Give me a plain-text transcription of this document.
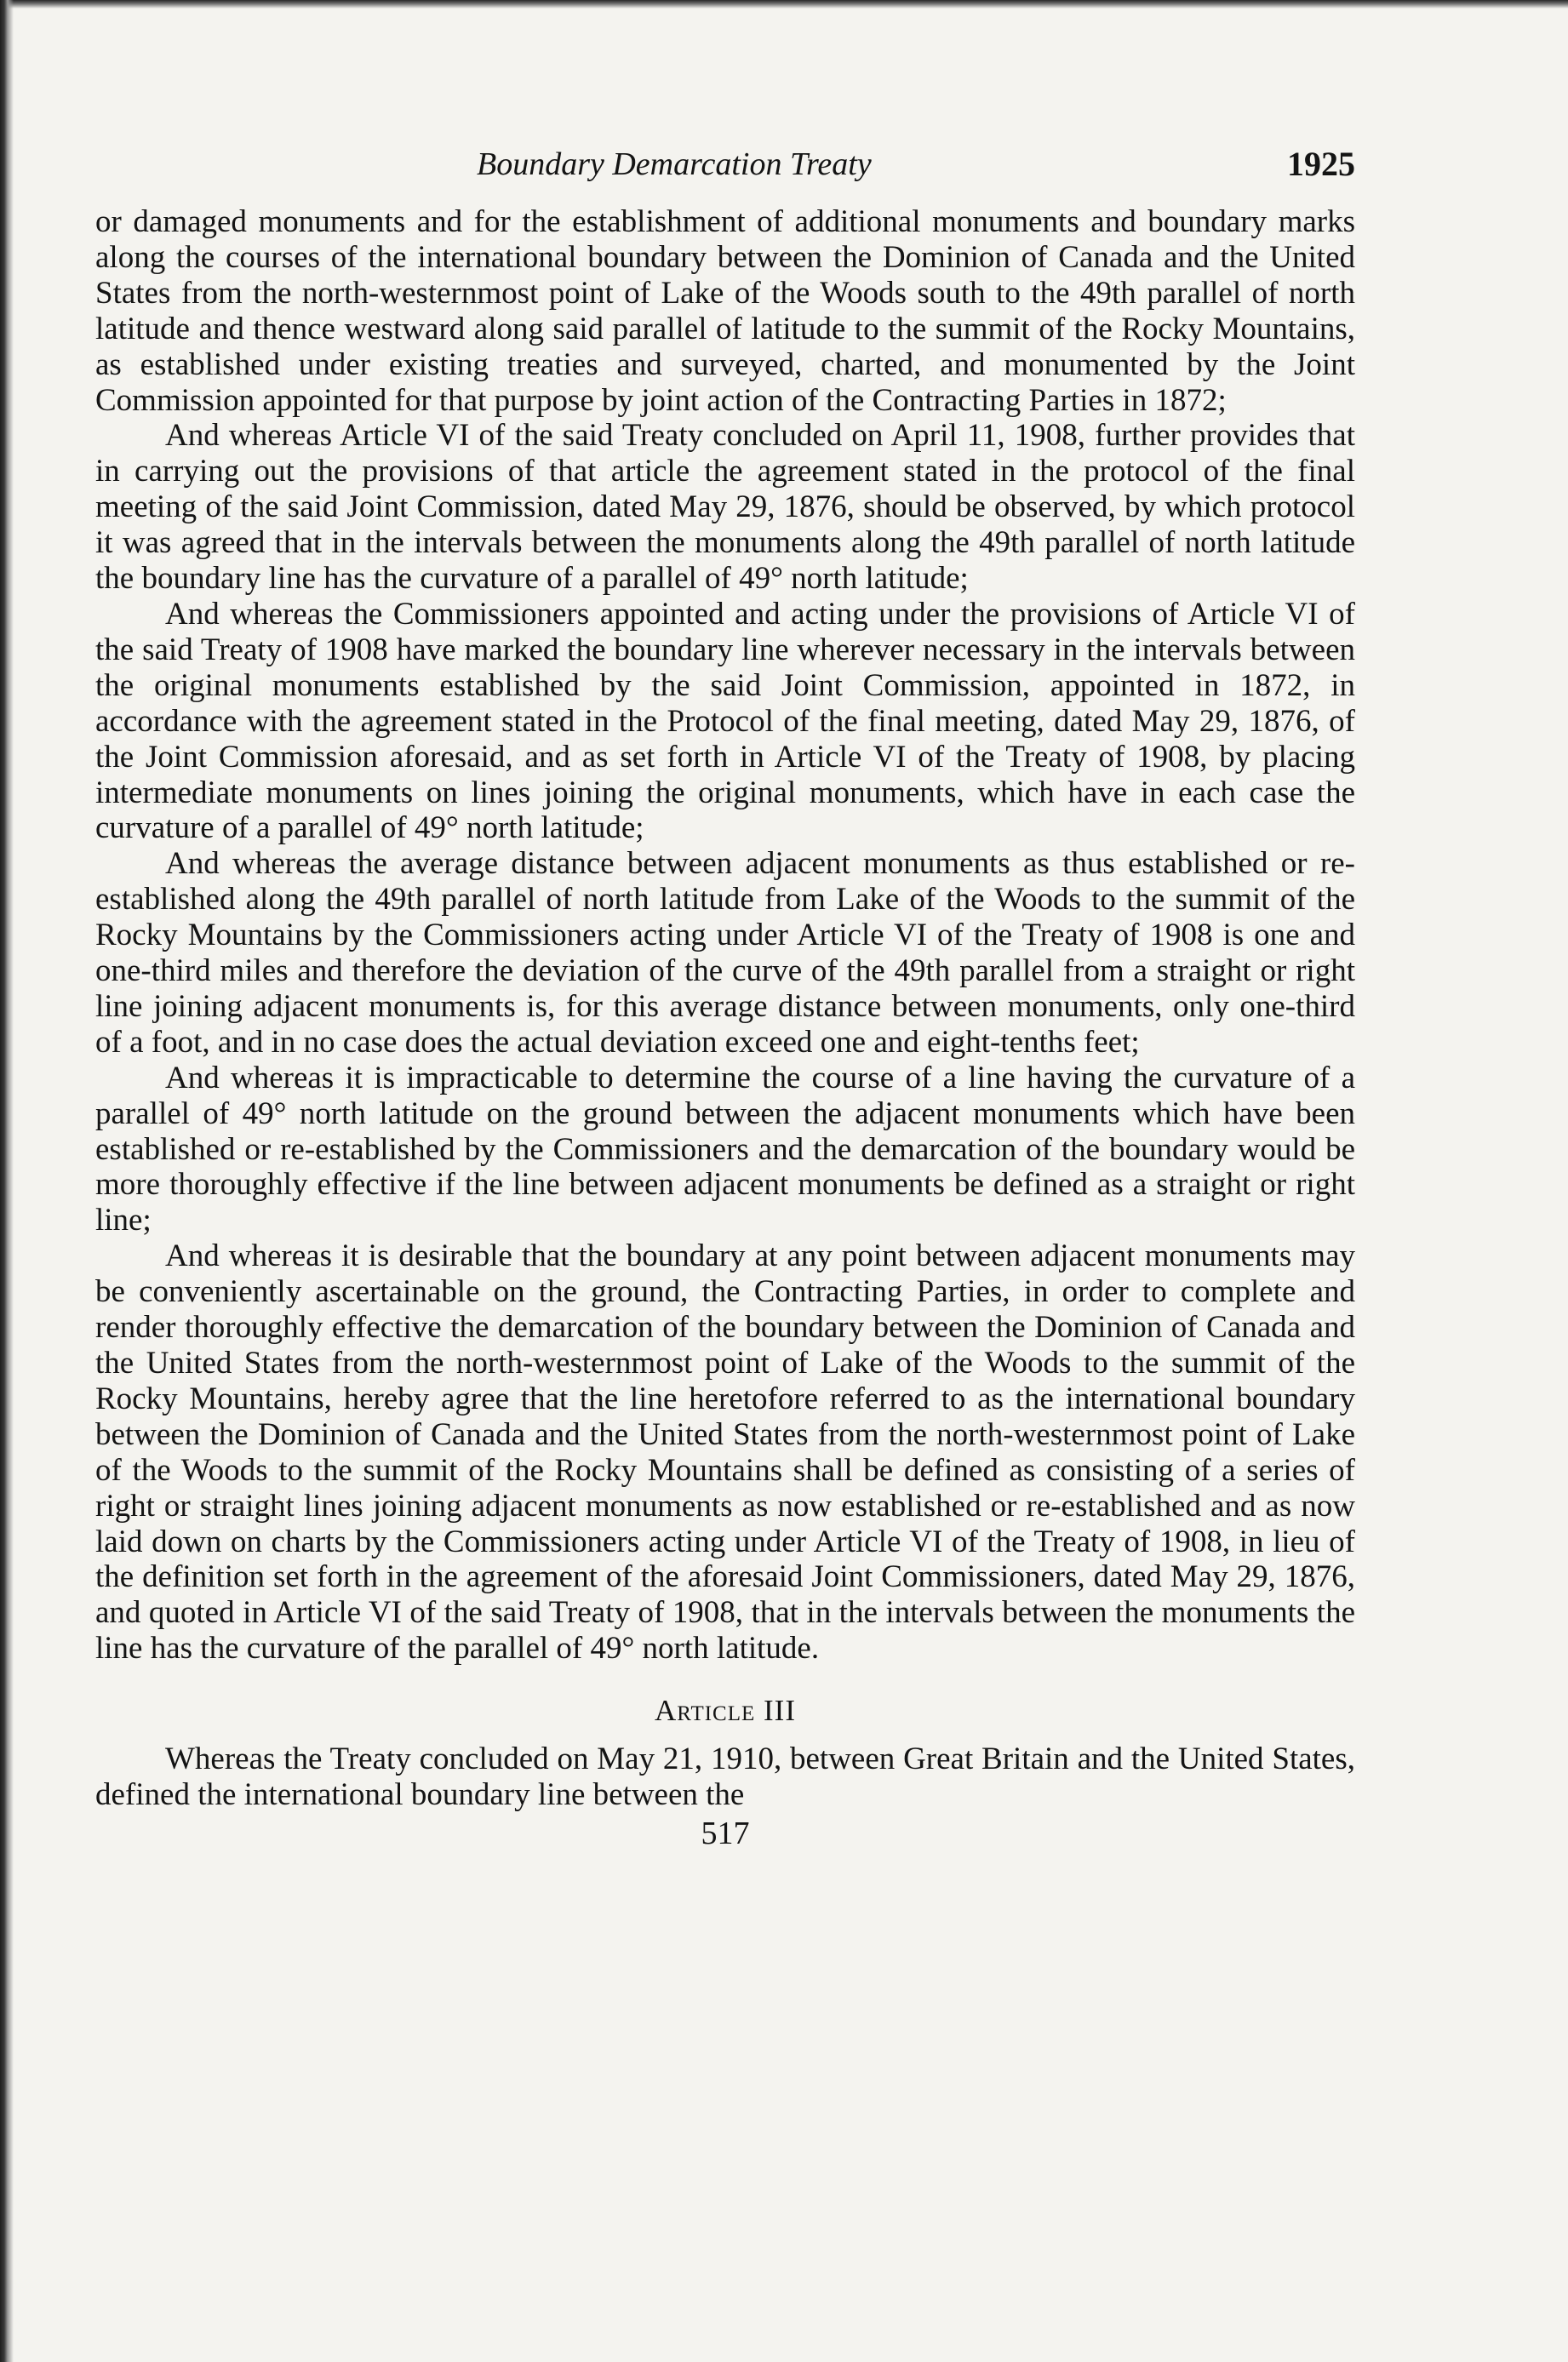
Boundary Demarcation Treaty	1925

or damaged monuments and for the establishment of additional monuments and boundary marks along the courses of the international boundary between the Dominion of Canada and the United States from the north-westernmost point of Lake of the Woods south to the 49th parallel of north latitude and thence westward along said parallel of latitude to the summit of the Rocky Mountains, as established under existing treaties and surveyed, charted, and monumented by the Joint Commission appointed for that purpose by joint action of the Contracting Parties in 1872;

And whereas Article VI of the said Treaty concluded on April 11, 1908, further provides that in carrying out the provisions of that article the agreement stated in the protocol of the final meeting of the said Joint Commission, dated May 29, 1876, should be observed, by which protocol it was agreed that in the intervals between the monuments along the 49th parallel of north latitude the boundary line has the curvature of a parallel of 49° north latitude;

And whereas the Commissioners appointed and acting under the provisions of Article VI of the said Treaty of 1908 have marked the boundary line wherever necessary in the intervals between the original monuments established by the said Joint Commission, appointed in 1872, in accordance with the agreement stated in the Protocol of the final meeting, dated May 29, 1876, of the Joint Commission aforesaid, and as set forth in Article VI of the Treaty of 1908, by placing intermediate monuments on lines joining the original monuments, which have in each case the curvature of a parallel of 49° north latitude;

And whereas the average distance between adjacent monuments as thus established or re-established along the 49th parallel of north latitude from Lake of the Woods to the summit of the Rocky Mountains by the Commissioners acting under Article VI of the Treaty of 1908 is one and one-third miles and therefore the deviation of the curve of the 49th parallel from a straight or right line joining adjacent monuments is, for this average distance between monuments, only one-third of a foot, and in no case does the actual deviation exceed one and eight-tenths feet;

And whereas it is impracticable to determine the course of a line having the curvature of a parallel of 49° north latitude on the ground between the adjacent monuments which have been established or re-established by the Commissioners and the demarcation of the boundary would be more thoroughly effective if the line between adjacent monuments be defined as a straight or right line;

And whereas it is desirable that the boundary at any point between adjacent monuments may be conveniently ascertainable on the ground, the Contracting Parties, in order to complete and render thoroughly effective the demarcation of the boundary between the Dominion of Canada and the United States from the north-westernmost point of Lake of the Woods to the summit of the Rocky Mountains, hereby agree that the line heretofore referred to as the international boundary between the Dominion of Canada and the United States from the north-westernmost point of Lake of the Woods to the summit of the Rocky Mountains shall be defined as consisting of a series of right or straight lines joining adjacent monuments as now established or re-established and as now laid down on charts by the Commissioners acting under Article VI of the Treaty of 1908, in lieu of the definition set forth in the agreement of the aforesaid Joint Commissioners, dated May 29, 1876, and quoted in Article VI of the said Treaty of 1908, that in the intervals between the monuments the line has the curvature of the parallel of 49° north latitude.

Article III

Whereas the Treaty concluded on May 21, 1910, between Great Britain and the United States, defined the international boundary line between the

517
